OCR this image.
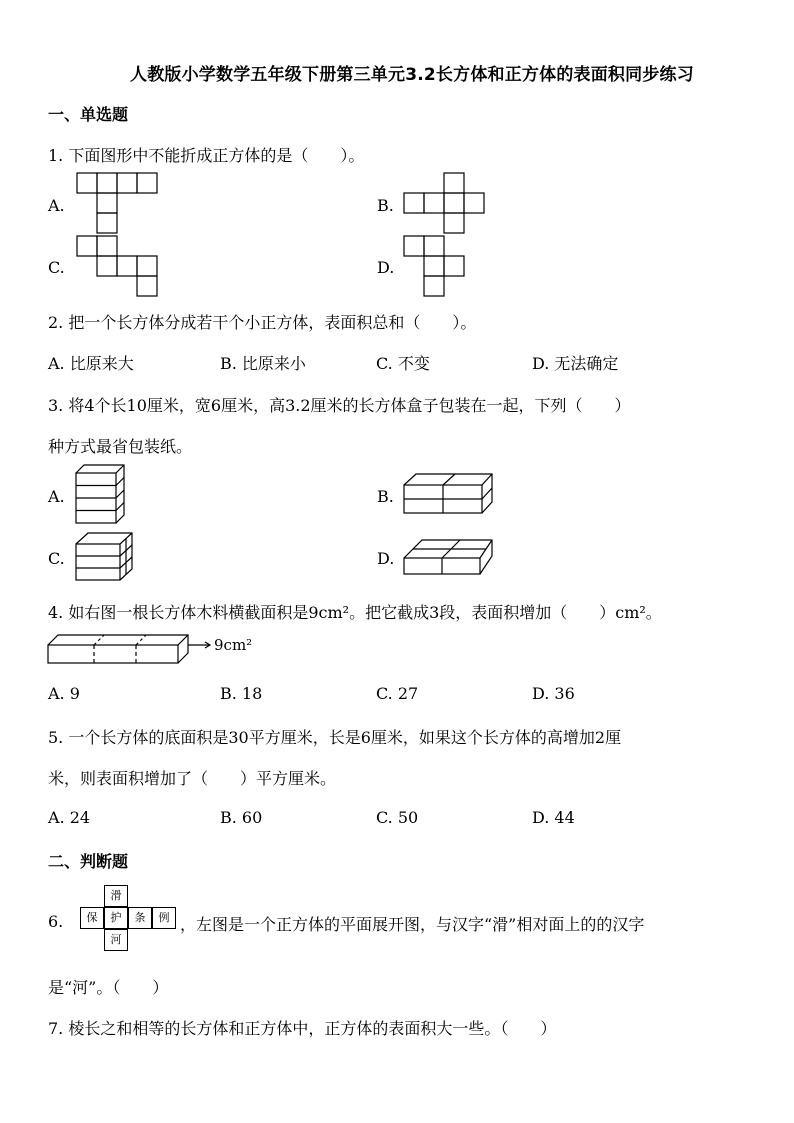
人教版小学数学五年级下册第三单元3.2长方体和正方体的表面积同步练习
一、单选题
1. 下面图形中不能折成正方体的是（　　）。
A.	B.
C.	D.
2. 把一个长方体分成若干个小正方体，表面积总和（　　）。
A. 比原来大	B. 比原来小	C. 不变	D. 无法确定
3. 将4个长10厘米，宽6厘米，高3.2厘米的长方体盒子包装在一起，下列（　　）
种方式最省包装纸。
A.	B.
C.	D.
4. 如右图一根长方体木料横截面积是9cm²。把它截成3段，表面积增加（　　）cm²。
9cm²
A. 9	B. 18	C. 27	D. 36
5. 一个长方体的底面积是30平方厘米，长是6厘米，如果这个长方体的高增加2厘
米，则表面积增加了（　　）平方厘米。
A. 24	B. 60	C. 50	D. 44
二、判断题
6.
滑
保	护	条	例
河
，左图是一个正方体的平面展开图，与汉字“滑”相对面上的的汉字
是“河”。（　　）
7. 棱长之和相等的长方体和正方体中，正方体的表面积大一些。（　　）
